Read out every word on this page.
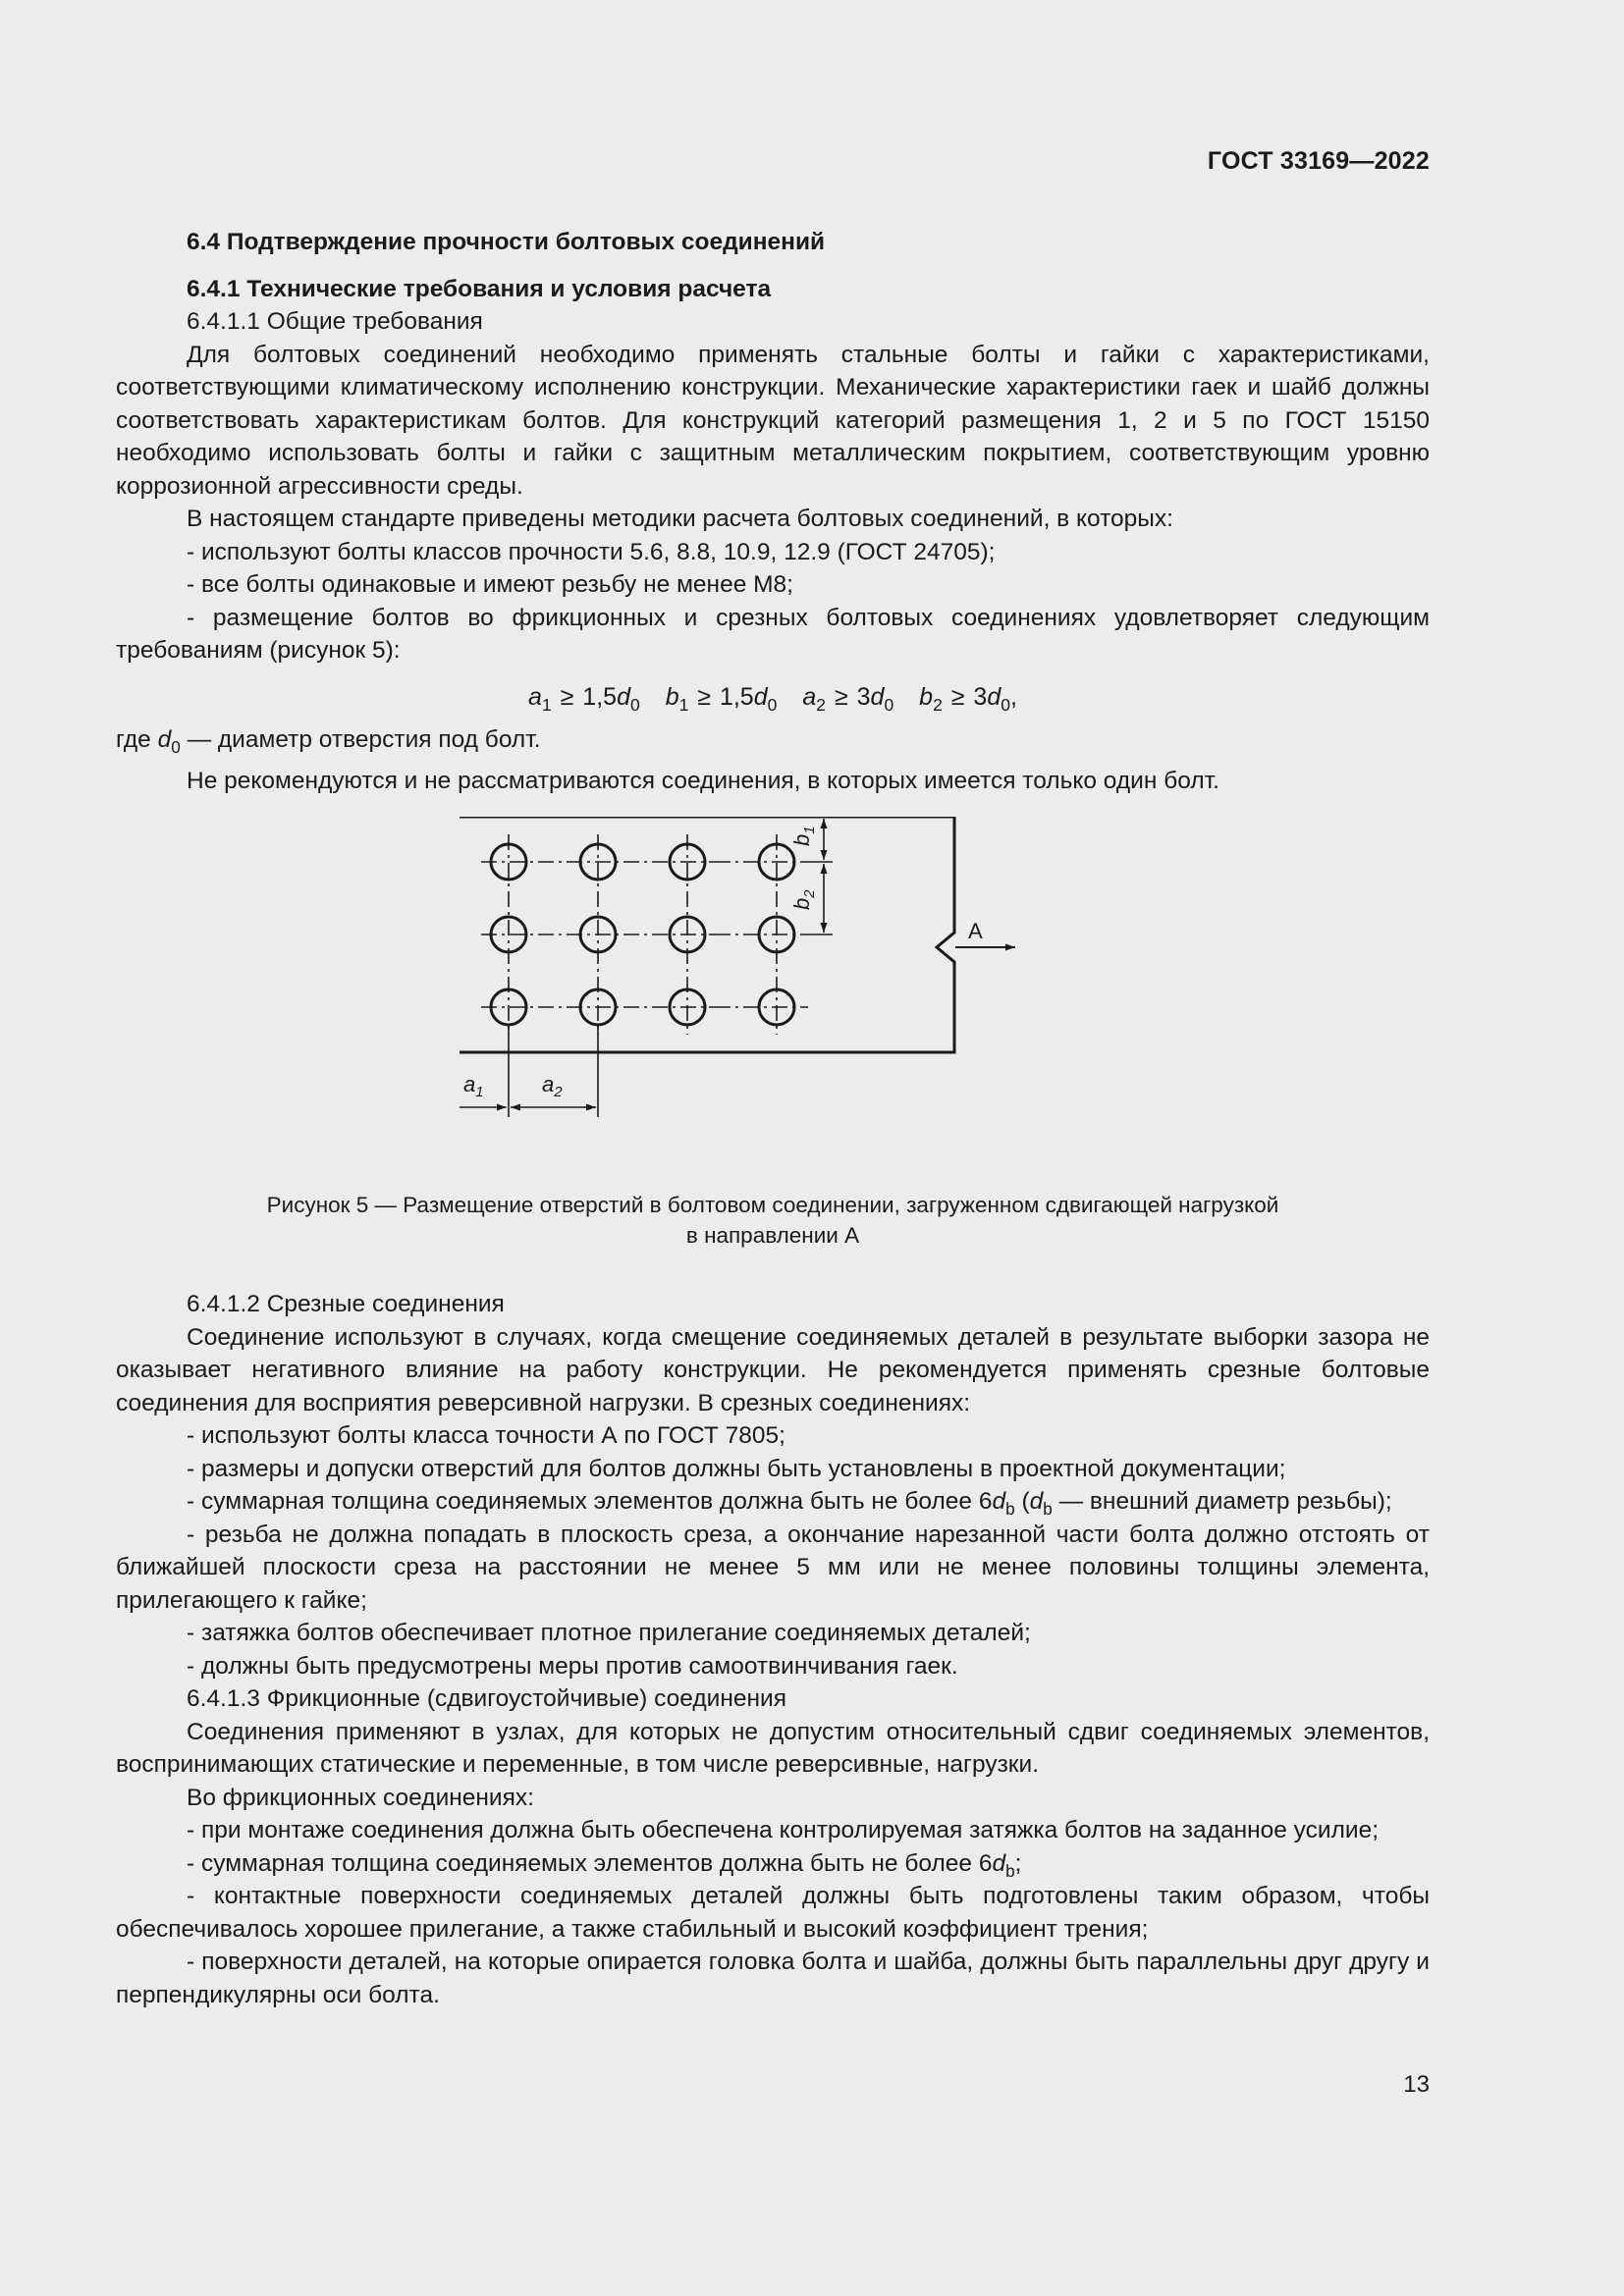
ГОСТ 33169—2022

6.4 Подтверждение прочности болтовых соединений

6.4.1 Технические требования и условия расчета

6.4.1.1 Общие требования

Для болтовых соединений необходимо применять стальные болты и гайки с характеристиками, соответствующими климатическому исполнению конструкции. Механические характеристики гаек и шайб должны соответствовать характеристикам болтов. Для конструкций категорий размещения 1, 2 и 5 по ГОСТ 15150 необходимо использовать болты и гайки с защитным металлическим покрытием, соответствующим уровню коррозионной агрессивности среды.

В настоящем стандарте приведены методики расчета болтовых соединений, в которых:

- используют болты классов прочности 5.6, 8.8, 10.9, 12.9 (ГОСТ 24705);

- все болты одинаковые и имеют резьбу не менее М8;

- размещение болтов во фрикционных и срезных болтовых соединениях удовлетворяет следующим требованиям (рисунок 5):

$a_1 \ge 1,5d_0$ $b_1 \ge 1,5d_0$ $a_2 \ge 3d_0$ $b_2 \ge 3d_0$,

где $d_0$ — диаметр отверстия под болт.

Не рекомендуются и не рассматриваются соединения, в которых имеется только один болт.

$b_1$
$b_2$
A
$a_1$	$a_2$
Рисунок 5 — Размещение отверстий в болтовом соединении, загруженном сдвигающей нагрузкой
в направлении А

6.4.1.2 Срезные соединения

Соединение используют в случаях, когда смещение соединяемых деталей в результате выборки зазора не оказывает негативного влияние на работу конструкции. Не рекомендуется применять срезные болтовые соединения для восприятия реверсивной нагрузки. В срезных соединениях:

- используют болты класса точности А по ГОСТ 7805;

- размеры и допуски отверстий для болтов должны быть установлены в проектной документации;

- суммарная толщина соединяемых элементов должна быть не более $6d_b$ ($d_b$ — внешний диаметр резьбы);

- резьба не должна попадать в плоскость среза, а окончание нарезанной части болта должно отстоять от ближайшей плоскости среза на расстоянии не менее 5 мм или не менее половины толщины элемента, прилегающего к гайке;

- затяжка болтов обеспечивает плотное прилегание соединяемых деталей;

- должны быть предусмотрены меры против самоотвинчивания гаек.

6.4.1.3 Фрикционные (сдвигоустойчивые) соединения

Соединения применяют в узлах, для которых не допустим относительный сдвиг соединяемых элементов, воспринимающих статические и переменные, в том числе реверсивные, нагрузки.

Во фрикционных соединениях:

- при монтаже соединения должна быть обеспечена контролируемая затяжка болтов на заданное усилие;

- суммарная толщина соединяемых элементов должна быть не более $6d_b$;

- контактные поверхности соединяемых деталей должны быть подготовлены таким образом, чтобы обеспечивалось хорошее прилегание, а также стабильный и высокий коэффициент трения;

- поверхности деталей, на которые опирается головка болта и шайба, должны быть параллельны друг другу и перпендикулярны оси болта.

13
